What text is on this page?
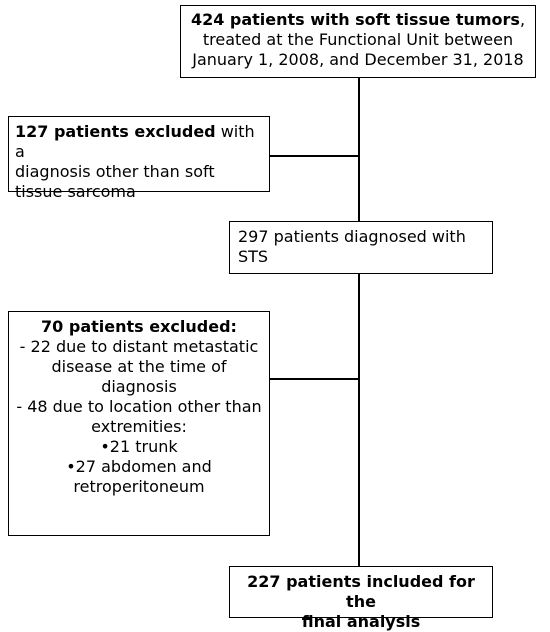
424 patients with soft tissue tumors,
treated at the Functional Unit between
January 1, 2008, and December 31, 2018
127 patients excluded with a
diagnosis other than soft
tissue sarcoma
297 patients diagnosed with
STS
70 patients excluded:
- 22 due to distant metastatic
disease at the time of
diagnosis
- 48 due to location other than
extremities:
•21 trunk
•27 abdomen and
retroperitoneum
227 patients included for the
final analysis
